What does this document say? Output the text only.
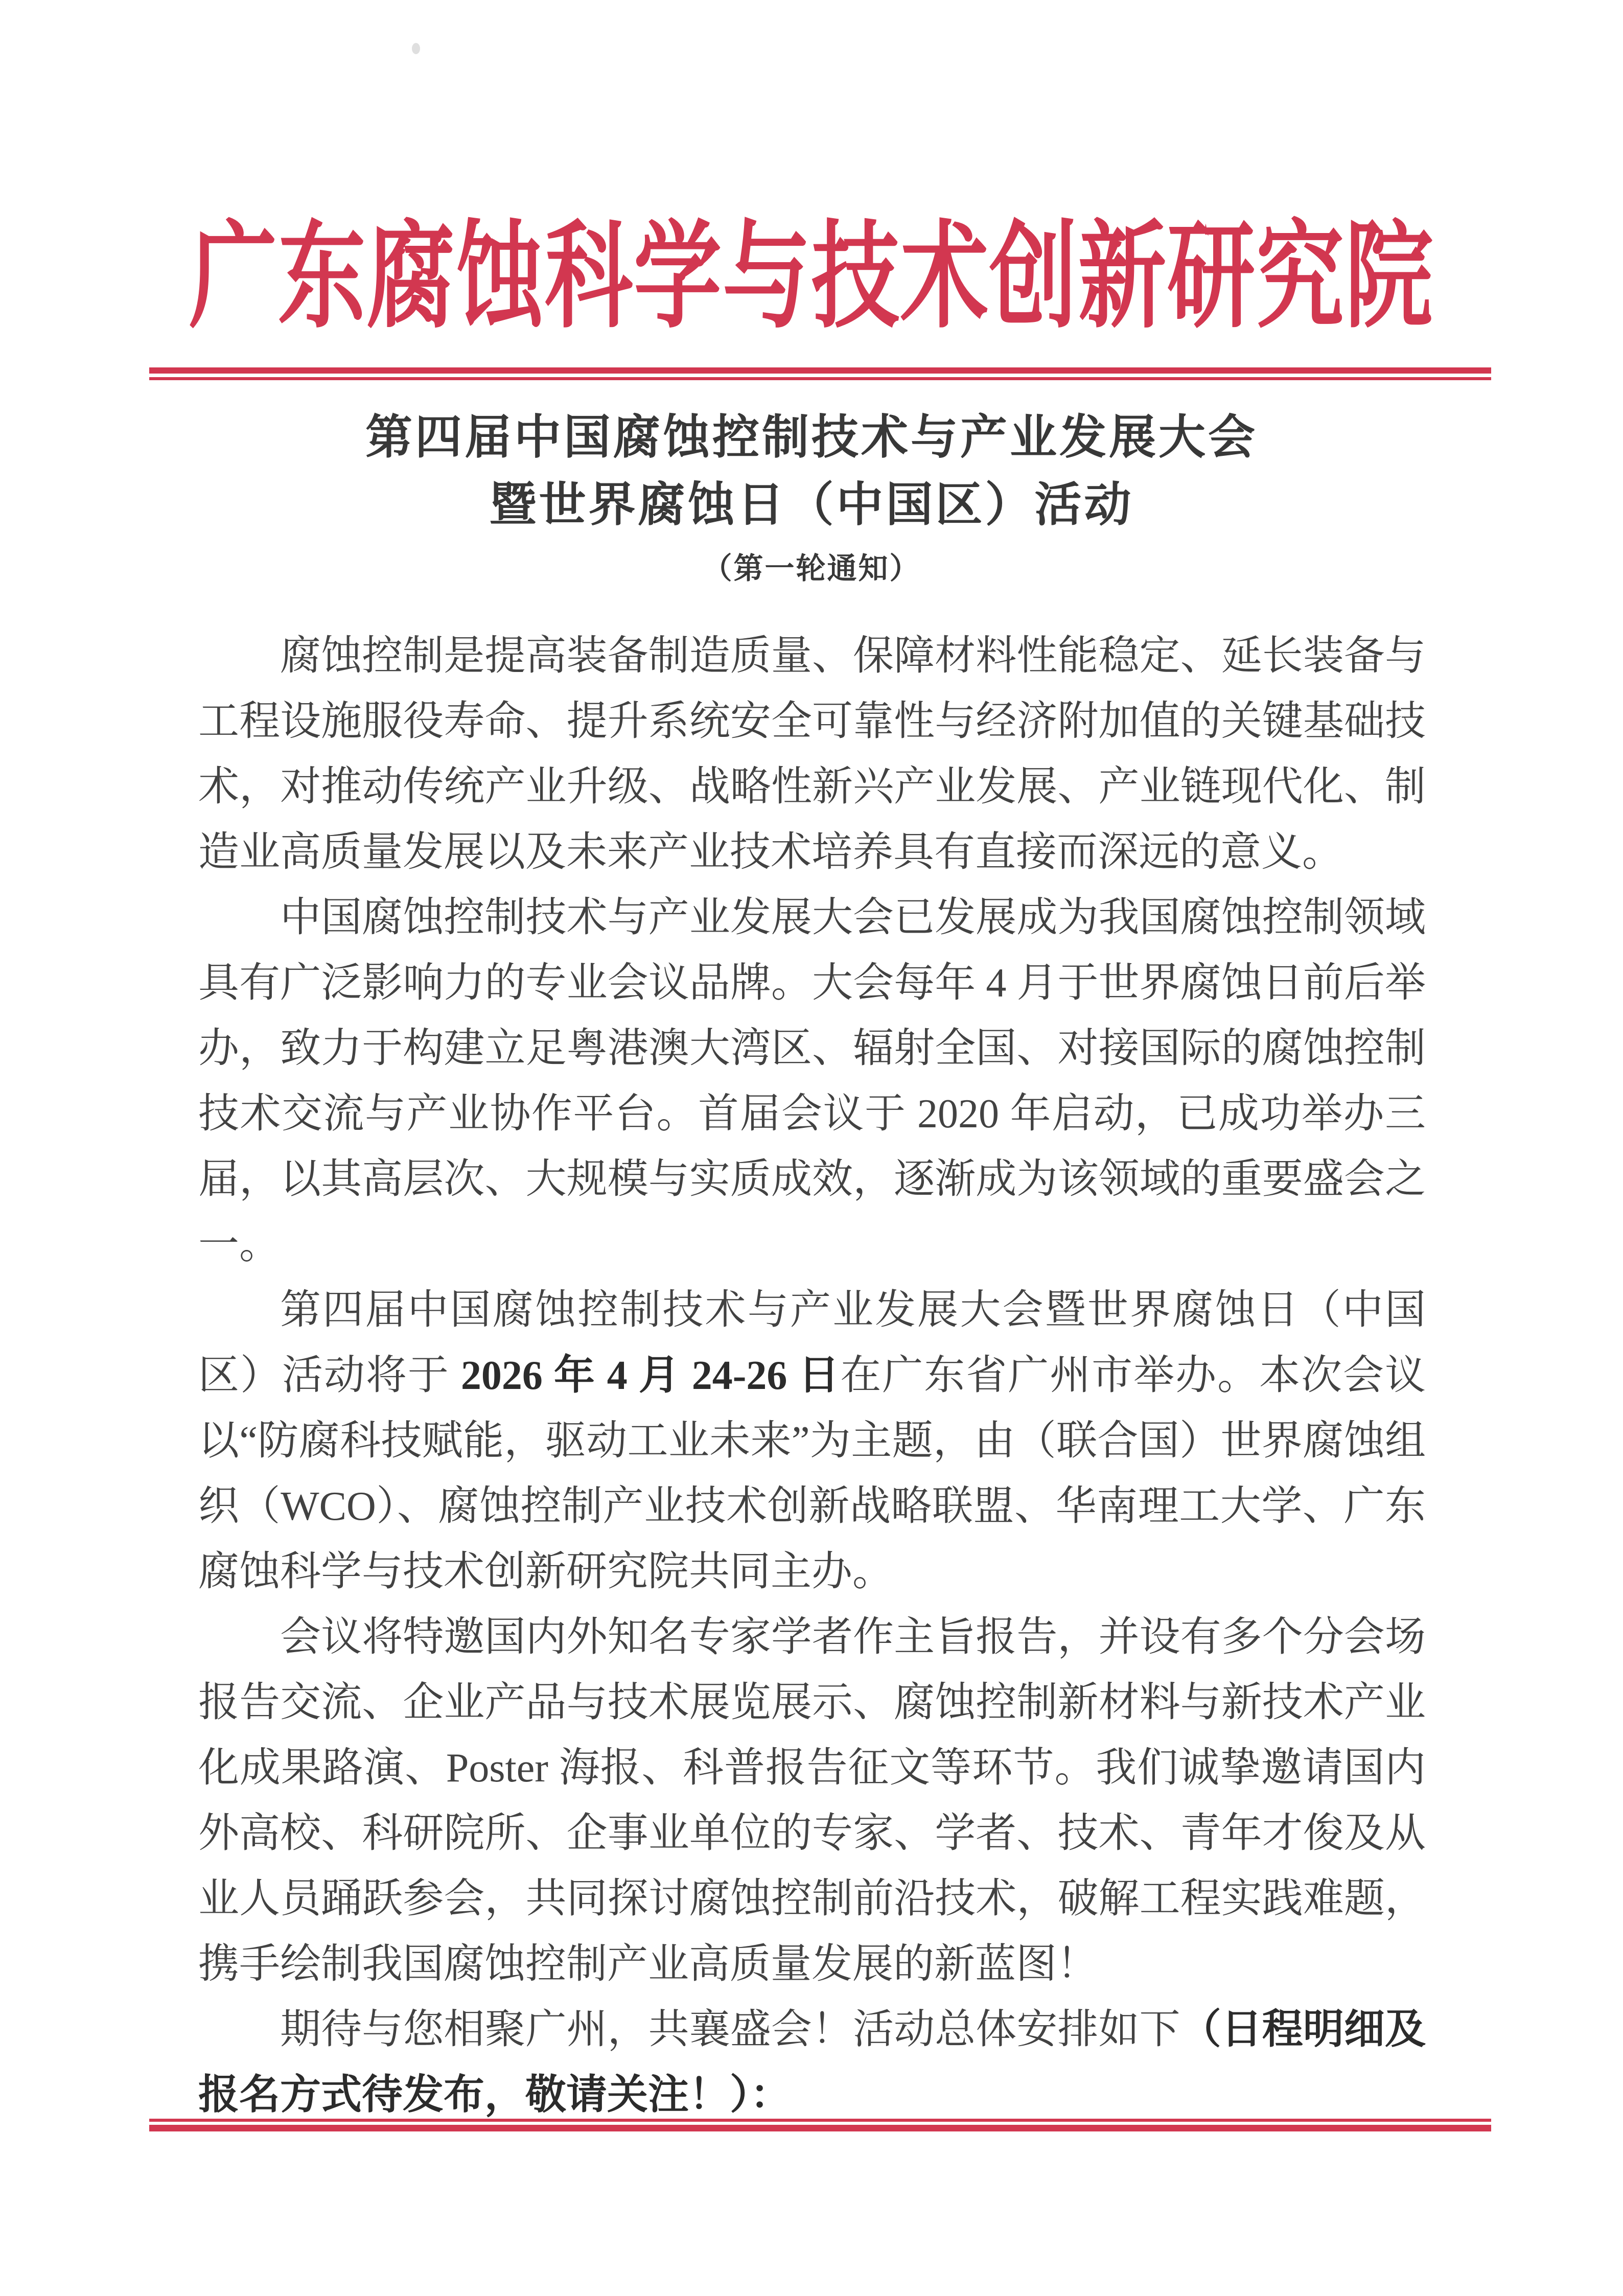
广东腐蚀科学与技术创新研究院
第四届中国腐蚀控制技术与产业发展大会
暨世界腐蚀日（中国区）活动
（第一轮通知）

腐蚀控制是提高装备制造质量、保障材料性能稳定、延长装备与工程设施服役寿命、提升系统安全可靠性与经济附加值的关键基础技术，对推动传统产业升级、战略性新兴产业发展、产业链现代化、制造业高质量发展以及未来产业技术培养具有直接而深远的意义。

中国腐蚀控制技术与产业发展大会已发展成为我国腐蚀控制领域具有广泛影响力的专业会议品牌。大会每年 4 月于世界腐蚀日前后举办，致力于构建立足粤港澳大湾区、辐射全国、对接国际的腐蚀控制技术交流与产业协作平台。首届会议于 2020 年启动，已成功举办三届，以其高层次、大规模与实质成效，逐渐成为该领域的重要盛会之一。

第四届中国腐蚀控制技术与产业发展大会暨世界腐蚀日（中国区）活动将于 2026 年 4 月 24-26 日在广东省广州市举办。本次会议以“防腐科技赋能，驱动工业未来”为主题，由（联合国）世界腐蚀组织（WCO）、腐蚀控制产业技术创新战略联盟、华南理工大学、广东腐蚀科学与技术创新研究院共同主办。

会议将特邀国内外知名专家学者作主旨报告，并设有多个分会场报告交流、企业产品与技术展览展示、腐蚀控制新材料与新技术产业化成果路演、Poster 海报、科普报告征文等环节。我们诚挚邀请国内外高校、科研院所、企事业单位的专家、学者、技术、青年才俊及从业人员踊跃参会，共同探讨腐蚀控制前沿技术，破解工程实践难题，携手绘制我国腐蚀控制产业高质量发展的新蓝图！

期待与您相聚广州，共襄盛会！活动总体安排如下（日程明细及报名方式待发布，敬请关注！）：
